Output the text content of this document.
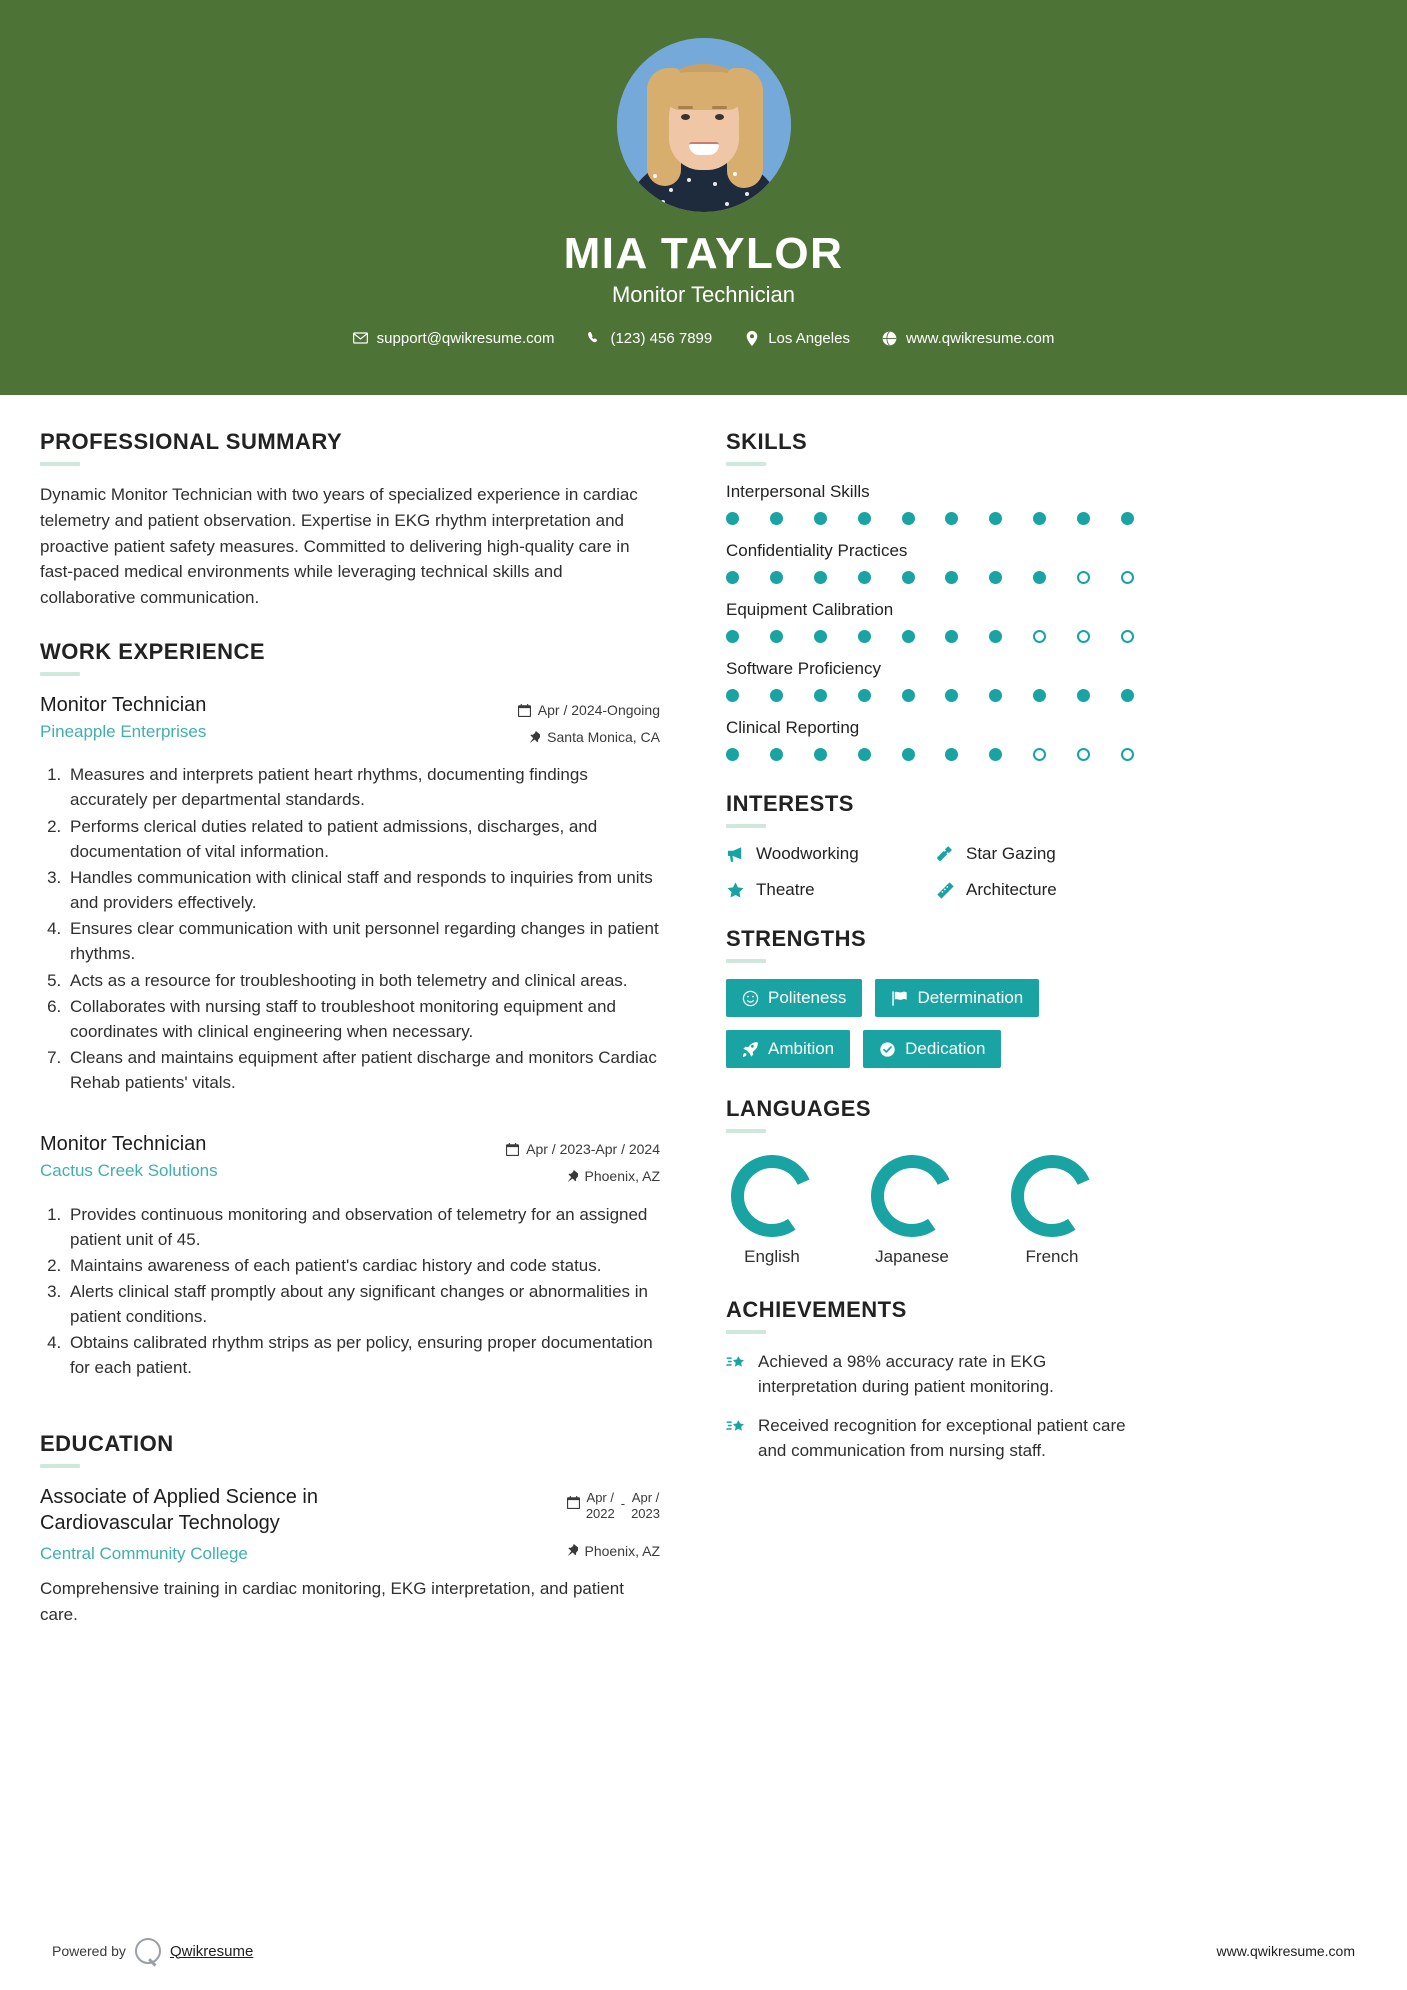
MIA TAYLOR
Monitor Technician
support@qwikresume.com	(123) 456 7899	Los Angeles	www.qwikresume.com
PROFESSIONAL SUMMARY
Dynamic Monitor Technician with two years of specialized experience in cardiac telemetry and patient observation. Expertise in EKG rhythm interpretation and proactive patient safety measures. Committed to delivering high-quality care in fast-paced medical environments while leveraging technical skills and collaborative communication.
WORK EXPERIENCE
Monitor Technician
Pineapple Enterprises
Apr / 2024-Ongoing
Santa Monica, CA
1. Measures and interprets patient heart rhythms, documenting findings accurately per departmental standards.
2. Performs clerical duties related to patient admissions, discharges, and documentation of vital information.
3. Handles communication with clinical staff and responds to inquiries from units and providers effectively.
4. Ensures clear communication with unit personnel regarding changes in patient rhythms.
5. Acts as a resource for troubleshooting in both telemetry and clinical areas.
6. Collaborates with nursing staff to troubleshoot monitoring equipment and coordinates with clinical engineering when necessary.
7. Cleans and maintains equipment after patient discharge and monitors Cardiac Rehab patients' vitals.
Monitor Technician
Cactus Creek Solutions
Apr / 2023-Apr / 2024
Phoenix, AZ
1. Provides continuous monitoring and observation of telemetry for an assigned patient unit of 45.
2. Maintains awareness of each patient's cardiac history and code status.
3. Alerts clinical staff promptly about any significant changes or abnormalities in patient conditions.
4. Obtains calibrated rhythm strips as per policy, ensuring proper documentation for each patient.
EDUCATION
Associate of Applied Science in Cardiovascular Technology
Apr /
2022
- Apr /
2023
Central Community College	Phoenix, AZ
Comprehensive training in cardiac monitoring, EKG interpretation, and patient care.
SKILLS
Interpersonal Skills
Confidentiality Practices
Equipment Calibration
Software Proficiency
Clinical Reporting
INTERESTS
Woodworking	Star Gazing
Theatre	Architecture
STRENGTHS
Politeness	Determination
Ambition	Dedication
LANGUAGES
English	Japanese	French
ACHIEVEMENTS
Achieved a 98% accuracy rate in EKG interpretation during patient monitoring.
Received recognition for exceptional patient care and communication from nursing staff.
Powered by	Qwikresume	www.qwikresume.com
